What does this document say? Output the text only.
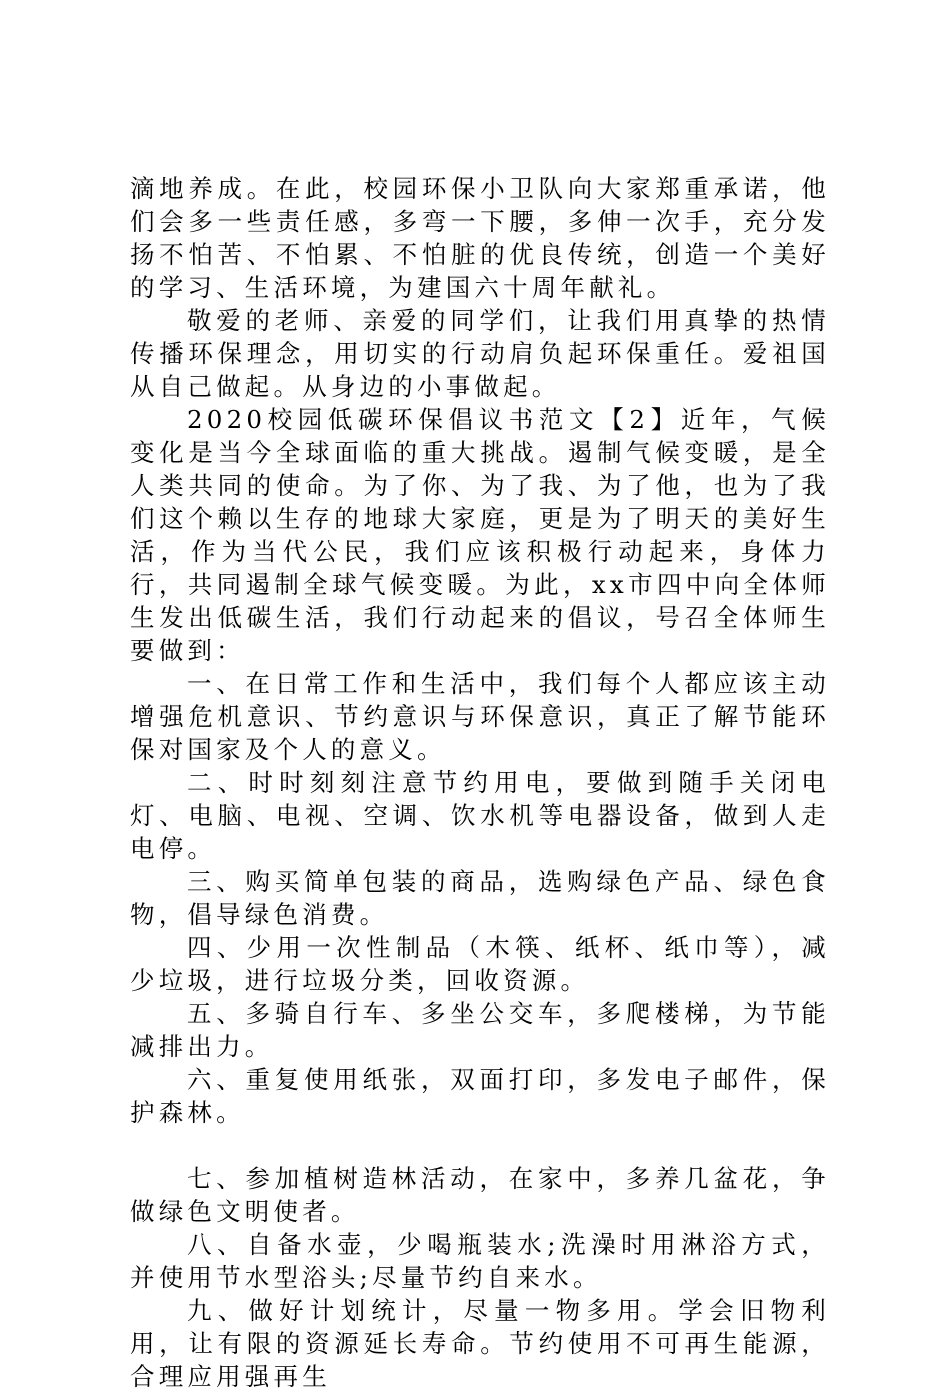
滴地养成。在此，校园环保小卫队向大家郑重承诺，他们会多一些责任感，多弯一下腰，多伸一次手，充分发扬不怕苦、不怕累、不怕脏的优良传统，创造一个美好的学习、生活环境，为建国六十周年献礼。

敬爱的老师、亲爱的同学们，让我们用真挚的热情传播环保理念，用切实的行动肩负起环保重任。爱祖国从自己做起。从身边的小事做起。

2020校园低碳环保倡议书范文【2】近年，气候变化是当今全球面临的重大挑战。遏制气候变暖，是全人类共同的使命。为了你、为了我、为了他，也为了我们这个赖以生存的地球大家庭，更是为了明天的美好生活，作为当代公民，我们应该积极行动起来，身体力行，共同遏制全球气候变暖。为此，xx市四中向全体师生发出低碳生活，我们行动起来的倡议，号召全体师生要做到：

一、在日常工作和生活中，我们每个人都应该主动增强危机意识、节约意识与环保意识，真正了解节能环保对国家及个人的意义。

二、时时刻刻注意节约用电，要做到随手关闭电灯、电脑、电视、空调、饮水机等电器设备，做到人走电停。

三、购买简单包装的商品，选购绿色产品、绿色食物，倡导绿色消费。

四、少用一次性制品（木筷、纸杯、纸巾等），减少垃圾，进行垃圾分类，回收资源。

五、多骑自行车、多坐公交车，多爬楼梯，为节能减排出力。

六、重复使用纸张，双面打印，多发电子邮件，保护森林。

七、参加植树造林活动，在家中，多养几盆花，争做绿色文明使者。

八、自备水壶，少喝瓶装水;洗澡时用淋浴方式，并使用节水型浴头;尽量节约自来水。

九、做好计划统计，尽量一物多用。学会旧物利用，让有限的资源延长寿命。节约使用不可再生能源，合理应用强再生
